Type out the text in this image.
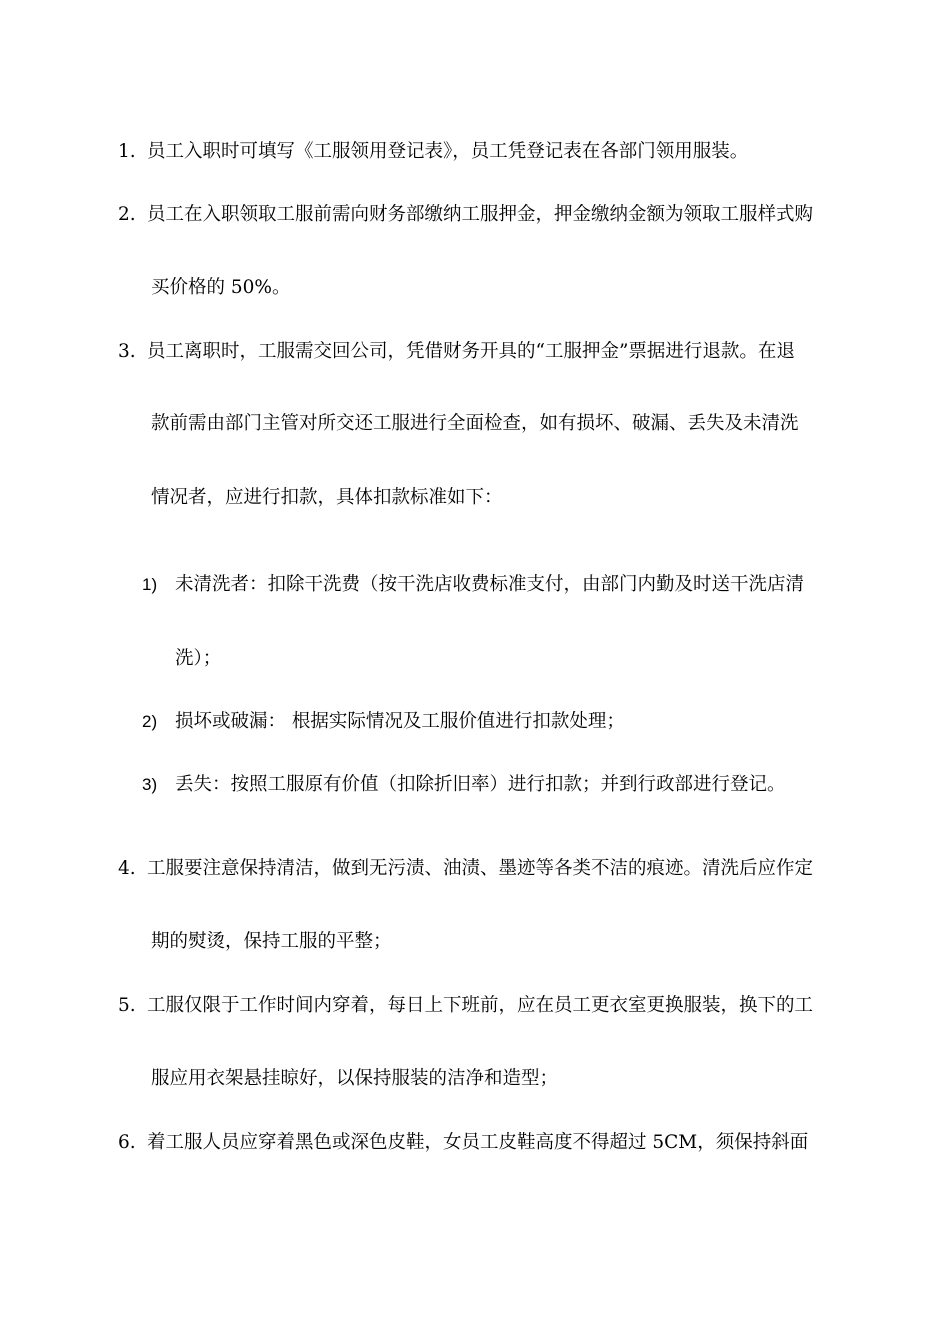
1. 员工入职时可填写《工服领用登记表》，员工凭登记表在各部门领用服装。
2. 员工在入职领取工服前需向财务部缴纳工服押金，押金缴纳金额为领取工服样式购
买价格的 50%。
3. 员工离职时，工服需交回公司，凭借财务开具的“工服押金”票据进行退款。在退
款前需由部门主管对所交还工服进行全面检查，如有损坏、破漏、丢失及未清洗
情况者，应进行扣款，具体扣款标准如下：
1) 未清洗者：扣除干洗费（按干洗店收费标准支付，由部门内勤及时送干洗店清
洗）；
2) 损坏或破漏： 根据实际情况及工服价值进行扣款处理；
3) 丢失：按照工服原有价值（扣除折旧率）进行扣款；并到行政部进行登记。
4. 工服要注意保持清洁，做到无污渍、油渍、墨迹等各类不洁的痕迹。清洗后应作定
期的熨烫，保持工服的平整；
5. 工服仅限于工作时间内穿着，每日上下班前，应在员工更衣室更换服装，换下的工
服应用衣架悬挂晾好，以保持服装的洁净和造型；
6. 着工服人员应穿着黑色或深色皮鞋，女员工皮鞋高度不得超过 5CM，须保持斜面
